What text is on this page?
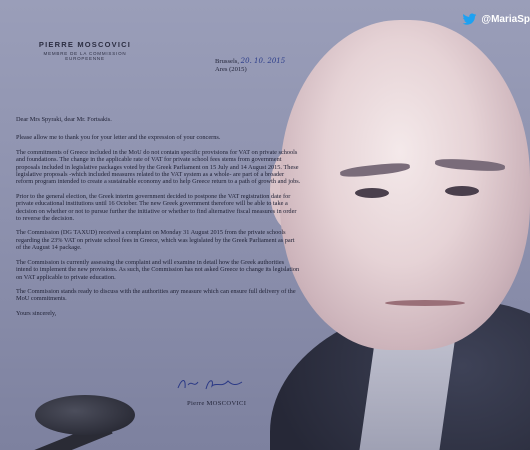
PIERRE MOSCOVICI
MEMBRE DE LA COMMISSION EUROPEENNE	Brussels, 20. 10. 2015
Ares (2015)

Dear Mrs Spyraki, dear Mr. Fortsakis.

Please allow me to thank you for your letter and the expression of your concerns.

The commitments of Greece included in the MoU do not contain specific provisions for VAT on private schools and foundations. The change in the applicable rate of VAT for private school fees stems from government proposals included in legislative packages voted by the Greek Parliament on 15 July and 14 August 2015. These legislative proposals -which included measures related to the VAT system as a whole- are part of a broader reform program intended to create a sustainable economy and to help Greece return to a path of growth and jobs.

Prior to the general election, the Greek interim government decided to postpone the VAT registration date for private educational institutions until 16 October. The new Greek government therefore will be able to take a decision on whether or not to pursue further the initiative or whether to find alternative fiscal measures in order to reverse the decision.

The Commission (DG TAXUD) received a complaint on Monday 31 August 2015 from the private schools regarding the 23% VAT on private school fees in Greece, which was legislated by the Greek Parliament as part of the August 14 package.

The Commission is currently assessing the complaint and will examine in detail how the Greek authorities intend to implement the new provisions. As such, the Commission has not asked Greece to change its legislation on VAT applicable to private education.

The Commission stands ready to discuss with the authorities any measure which can ensure full delivery of the MoU commitments.

Yours sincerely,

Pierre MOSCOVICI
@MariaSp
